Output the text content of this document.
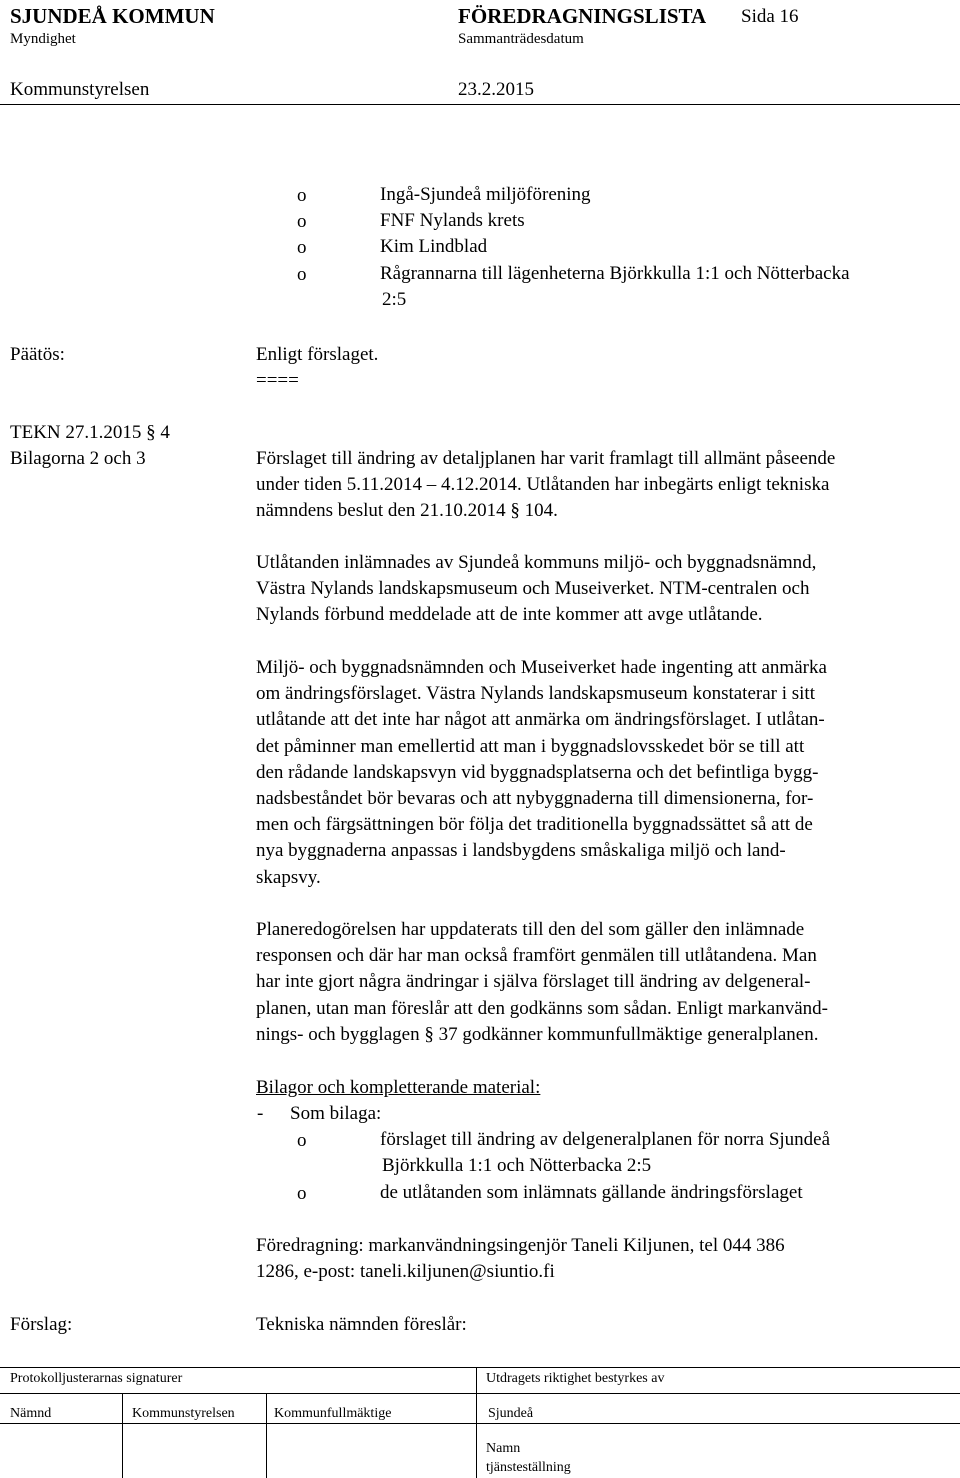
SJUNDEÅ KOMMUN	FÖREDRAGNINGSLISTA Sida 16
Myndighet	Sammanträdesdatum
Kommunstyrelsen	23.2.2015
o	Ingå-Sjundeå miljöförening
o	FNF Nylands krets
o	Kim Lindblad
o	Rågrannarna till lägenheterna Björkkulla 1:1 och Nötterbacka
2:5
Päätös:	Enligt förslaget.
====
TEKN 27.1.2015 § 4
Bilagorna 2 och 3	Förslaget till ändring av detaljplanen har varit framlagt till allmänt påseende
under tiden 5.11.2014 – 4.12.2014. Utlåtanden har inbegärts enligt tekniska
nämndens beslut den 21.10.2014 § 104.
Utlåtanden inlämnades av Sjundeå kommuns miljö- och byggnadsnämnd,
Västra Nylands landskapsmuseum och Museiverket. NTM-centralen och
Nylands förbund meddelade att de inte kommer att avge utlåtande.
Miljö- och byggnadsnämnden och Museiverket hade ingenting att anmärka
om ändringsförslaget. Västra Nylands landskapsmuseum konstaterar i sitt
utlåtande att det inte har något att anmärka om ändringsförslaget. I utlåtan-
det påminner man emellertid att man i byggnadslovsskedet bör se till att
den rådande landskapsvyn vid byggnadsplatserna och det befintliga bygg-
nadsbeståndet bör bevaras och att nybyggnaderna till dimensionerna, for-
men och färgsättningen bör följa det traditionella byggnadssättet så att de
nya byggnaderna anpassas i landsbygdens småskaliga miljö och land-
skapsvy.
Planeredogörelsen har uppdaterats till den del som gäller den inlämnade
responsen och där har man också framfört genmälen till utlåtandena. Man
har inte gjort några ändringar i själva förslaget till ändring av delgeneral-
planen, utan man föreslår att den godkänns som sådan. Enligt markanvänd-
nings- och bygglagen § 37 godkänner kommunfullmäktige generalplanen.
Bilagor och kompletterande material:
- Som bilaga:
o	förslaget till ändring av delgeneralplanen för norra Sjundeå
Björkkulla 1:1 och Nötterbacka 2:5
o	de utlåtanden som inlämnats gällande ändringsförslaget
Föredragning: markanvändningsingenjör Taneli Kiljunen, tel 044 386
1286, e-post: taneli.kiljunen@siuntio.fi
Förslag:	Tekniska nämnden föreslår:
Protokolljusterarnas signaturer	Utdragets riktighet bestyrkes av
Nämnd	Kommunstyrelsen	Kommunfullmäktige	Sjundeå
Namn
tjänsteställning
